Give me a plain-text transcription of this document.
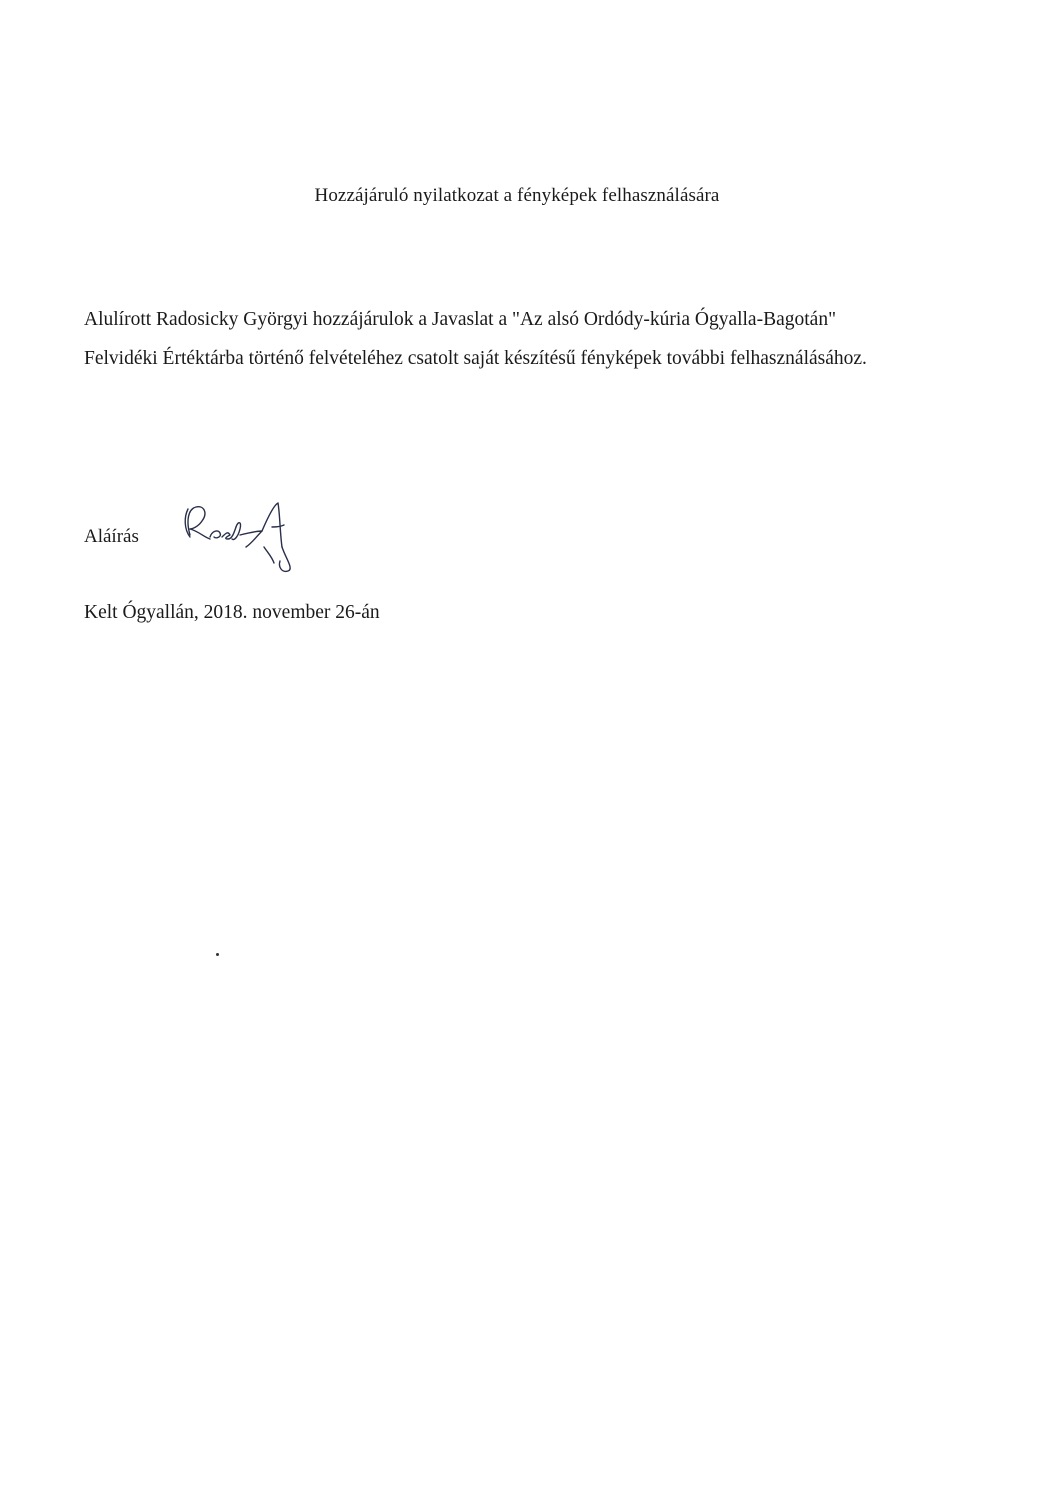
Hozzájáruló nyilatkozat a fényképek felhasználására

Alulírott Radosicky Györgyi hozzájárulok a Javaslat a "Az alsó Ordódy-kúria Ógyalla-Bagotán"

Felvidéki Értéktárba történő felvételéhez csatolt saját készítésű fényképek további felhasználásához.

Aláírás
Kelt Ógyallán, 2018. november 26-án
